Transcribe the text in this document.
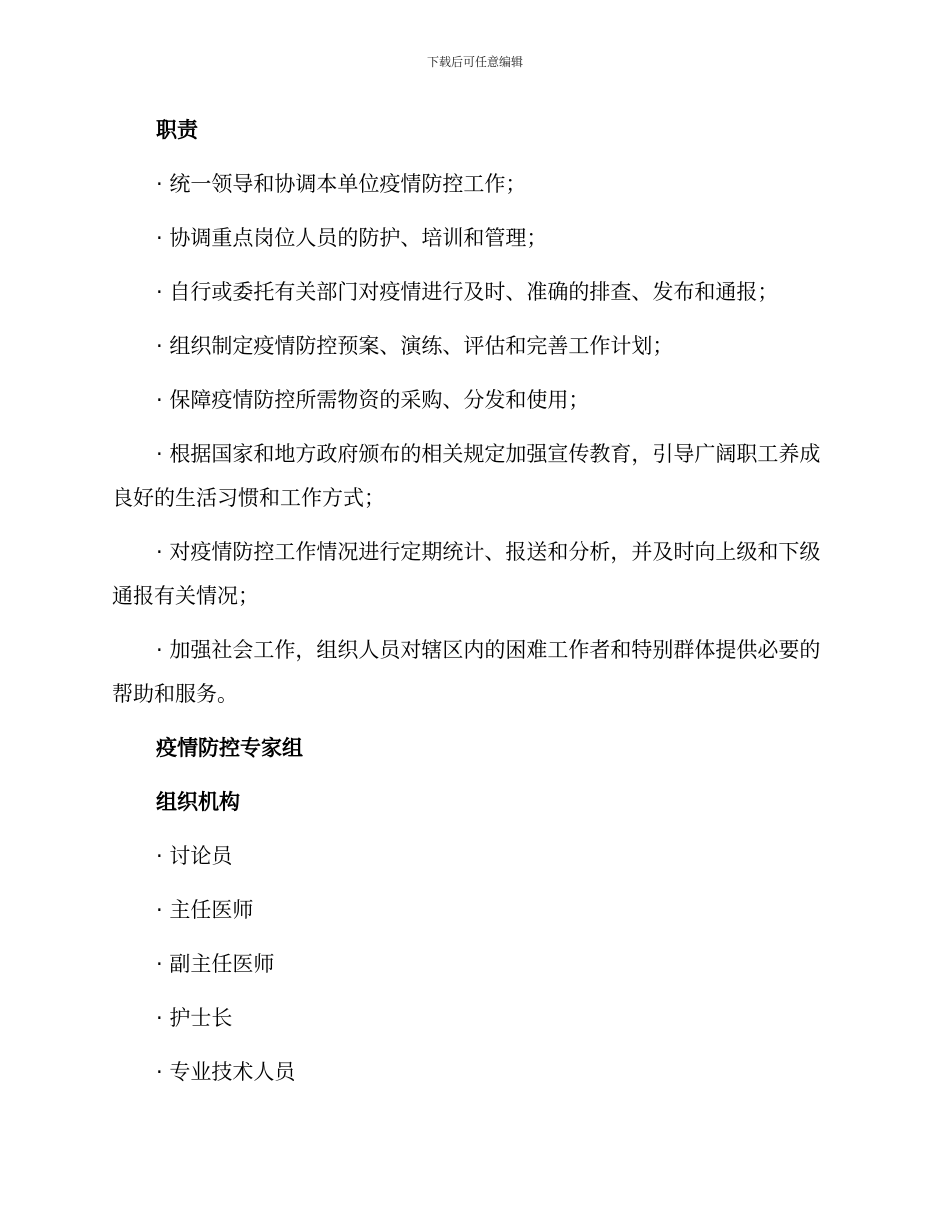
下载后可任意编辑

职责

· 统一领导和协调本单位疫情防控工作；

· 协调重点岗位人员的防护、培训和管理；

· 自行或委托有关部门对疫情进行及时、准确的排查、发布和通报；

· 组织制定疫情防控预案、演练、评估和完善工作计划；

· 保障疫情防控所需物资的采购、分发和使用；

· 根据国家和地方政府颁布的相关规定加强宣传教育，引导广阔职工养成良好的生活习惯和工作方式；

· 对疫情防控工作情况进行定期统计、报送和分析，并及时向上级和下级通报有关情况；

· 加强社会工作，组织人员对辖区内的困难工作者和特别群体提供必要的帮助和服务。

疫情防控专家组

组织机构

· 讨论员

· 主任医师

· 副主任医师

· 护士长

· 专业技术人员
